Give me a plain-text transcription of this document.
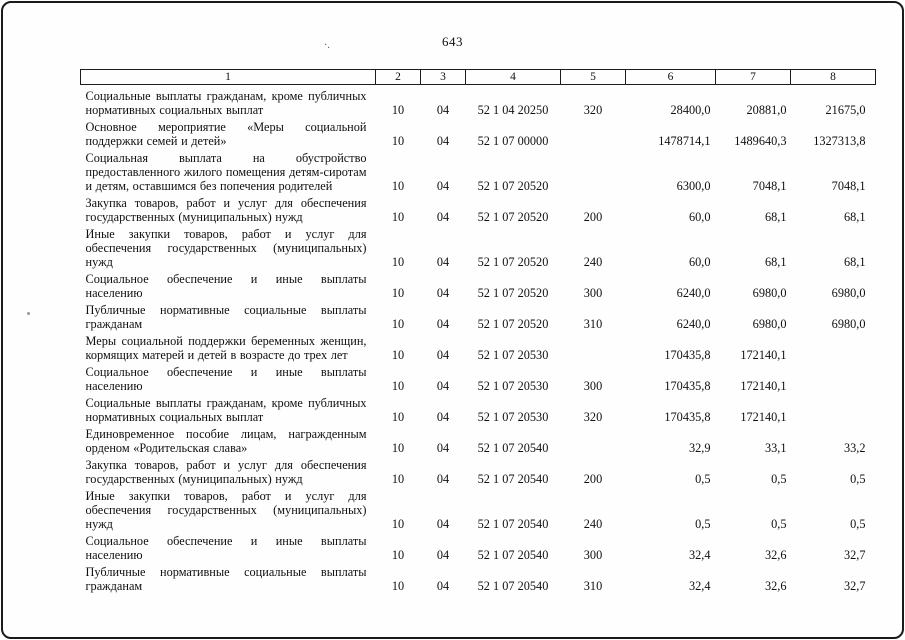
643
·.
1	2	3	4	5	6	7	8
Социальные выплаты гражданам, кроме публичных нормативных социальных выплат	10	04	52 1 04 20250	320	28400,0	20881,0	21675,0
Основное мероприятие «Меры социальной поддержки семей и детей»	10	04	52 1 07 00000		1478714,1	1489640,3	1327313,8
Социальная выплата на обустройство предоставленного жилого помещения детям-сиротам и детям, оставшимся без попечения родителей	10	04	52 1 07 20520		6300,0	7048,1	7048,1
Закупка товаров, работ и услуг для обеспечения государственных (муниципальных) нужд	10	04	52 1 07 20520	200	60,0	68,1	68,1
Иные закупки товаров, работ и услуг для обеспечения государственных (муниципальных) нужд	10	04	52 1 07 20520	240	60,0	68,1	68,1
Социальное обеспечение и иные выплаты населению	10	04	52 1 07 20520	300	6240,0	6980,0	6980,0
Публичные нормативные социальные выплаты гражданам	10	04	52 1 07 20520	310	6240,0	6980,0	6980,0
Меры социальной поддержки беременных женщин, кормящих матерей и детей в возрасте до трех лет	10	04	52 1 07 20530		170435,8	172140,1	
Социальное обеспечение и иные выплаты населению	10	04	52 1 07 20530	300	170435,8	172140,1	
Социальные выплаты гражданам, кроме публичных нормативных социальных выплат	10	04	52 1 07 20530	320	170435,8	172140,1	
Единовременное пособие лицам, награжденным орденом «Родительская слава»	10	04	52 1 07 20540		32,9	33,1	33,2
Закупка товаров, работ и услуг для обеспечения государственных (муниципальных) нужд	10	04	52 1 07 20540	200	0,5	0,5	0,5
Иные закупки товаров, работ и услуг для обеспечения государственных (муниципальных) нужд	10	04	52 1 07 20540	240	0,5	0,5	0,5
Социальное обеспечение и иные выплаты населению	10	04	52 1 07 20540	300	32,4	32,6	32,7
Публичные нормативные социальные выплаты гражданам	10	04	52 1 07 20540	310	32,4	32,6	32,7
